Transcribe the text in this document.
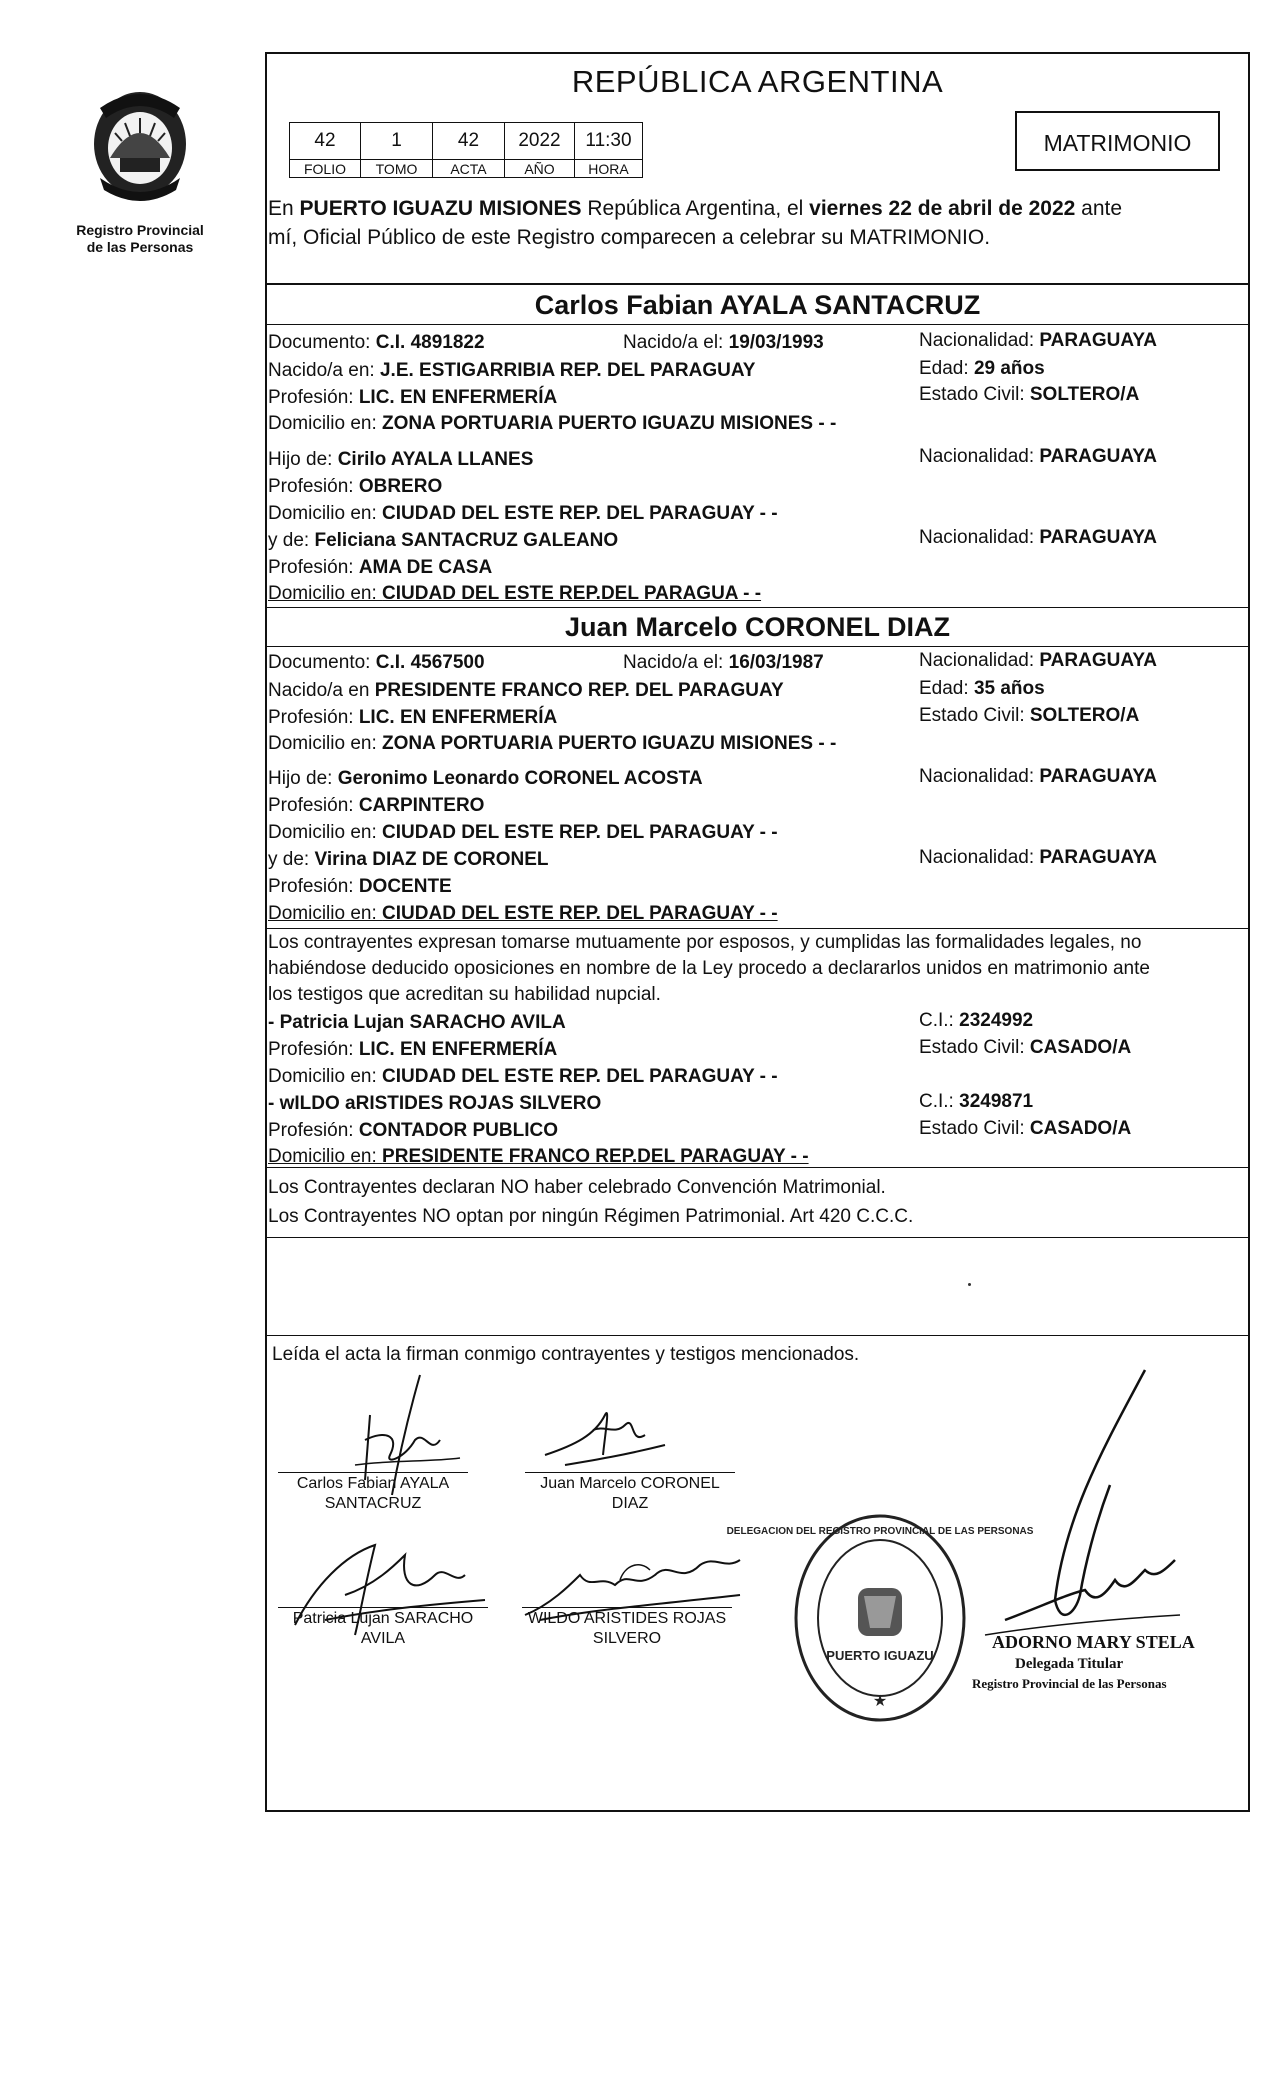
Registro Provincial
de las Personas
REPÚBLICA ARGENTINA
42	1	42	2022	11:30
FOLIO	TOMO	ACTA	AÑO	HORA
MATRIMONIO
En PUERTO IGUAZU MISIONES República Argentina, el viernes 22 de abril de 2022 ante
mí, Oficial Público de este Registro comparecen a celebrar su MATRIMONIO.
Carlos Fabian AYALA SANTACRUZ
Documento: C.I. 4891822	Nacido/a el: 19/03/1993	Nacionalidad: PARAGUAYA
Nacido/a en: J.E. ESTIGARRIBIA REP. DEL PARAGUAY	Edad: 29 años
Profesión: LIC. EN ENFERMERÍA	Estado Civil: SOLTERO/A
Domicilio en: ZONA PORTUARIA PUERTO IGUAZU MISIONES - -
Hijo de: Cirilo AYALA LLANES	Nacionalidad: PARAGUAYA
Profesión: OBRERO
Domicilio en: CIUDAD DEL ESTE REP. DEL PARAGUAY - -
y de: Feliciana SANTACRUZ GALEANO	Nacionalidad: PARAGUAYA
Profesión: AMA DE CASA
Domicilio en: CIUDAD DEL ESTE REP.DEL PARAGUA - -
Juan Marcelo CORONEL DIAZ
Documento: C.I. 4567500	Nacido/a el: 16/03/1987	Nacionalidad: PARAGUAYA
Nacido/a en PRESIDENTE FRANCO REP. DEL PARAGUAY	Edad: 35 años
Profesión: LIC. EN ENFERMERÍA	Estado Civil: SOLTERO/A
Domicilio en: ZONA PORTUARIA PUERTO IGUAZU MISIONES - -
Hijo de: Geronimo Leonardo CORONEL ACOSTA	Nacionalidad: PARAGUAYA
Profesión: CARPINTERO
Domicilio en: CIUDAD DEL ESTE REP. DEL PARAGUAY - -
y de: Virina DIAZ DE CORONEL	Nacionalidad: PARAGUAYA
Profesión: DOCENTE
Domicilio en: CIUDAD DEL ESTE REP. DEL PARAGUAY - -
Los contrayentes expresan tomarse mutuamente por esposos, y cumplidas las formalidades legales, no
habiéndose deducido oposiciones en nombre de la Ley procedo a declararlos unidos en matrimonio ante
los testigos que acreditan su habilidad nupcial.
- Patricia Lujan SARACHO AVILA	C.I.: 2324992
Profesión: LIC. EN ENFERMERÍA	Estado Civil: CASADO/A
Domicilio en: CIUDAD DEL ESTE REP. DEL PARAGUAY - -
- wILDO aRISTIDES ROJAS SILVERO	C.I.: 3249871
Profesión: CONTADOR PUBLICO	Estado Civil: CASADO/A
Domicilio en: PRESIDENTE FRANCO REP.DEL PARAGUAY - -
Los Contrayentes declaran NO haber celebrado Convención Matrimonial.
Los Contrayentes NO optan por ningún Régimen Patrimonial. Art 420 C.C.C.
Leída el acta la firman conmigo contrayentes y testigos mencionados.
Carlos Fabian AYALA
SANTACRUZ
Juan Marcelo CORONEL
DIAZ
Patricia Lujan SARACHO
AVILA
WILDO ARISTIDES ROJAS
SILVERO
PUERTO IGUAZU
★
DELEGACION DEL REGISTRO PROVINCIAL DE LAS PERSONAS
ADORNO MARY STELA
Delegada Titular
Registro Provincial de las Personas
